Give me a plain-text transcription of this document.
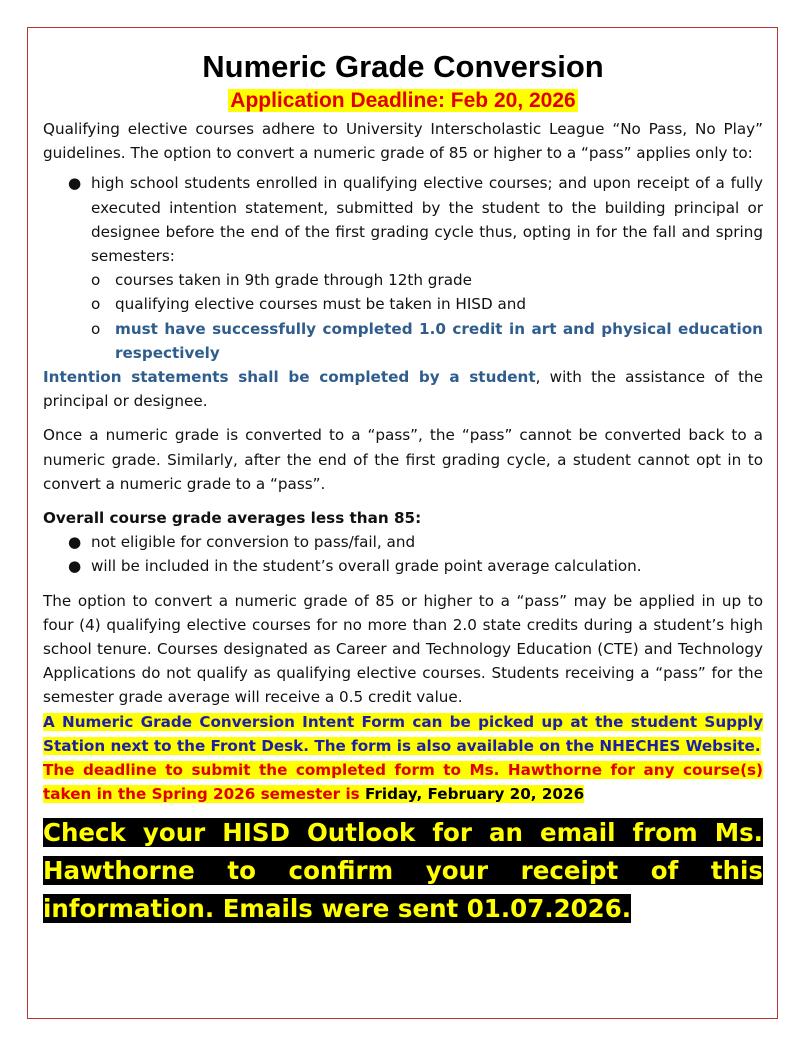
Numeric Grade Conversion
Application Deadline: Feb 20, 2026

Qualifying elective courses adhere to University Interscholastic League “No Pass, No Play” guidelines. The option to convert a numeric grade of 85 or higher to a “pass” applies only to:

● high school students enrolled in qualifying elective courses; and upon receipt of a fully executed intention statement, submitted by the student to the building principal or designee before the end of the first grading cycle thus, opting in for the fall and spring semesters:
o courses taken in 9th grade through 12th grade
o qualifying elective courses must be taken in HISD and
o must have successfully completed 1.0 credit in art and physical education respectively

Intention statements shall be completed by a student, with the assistance of the principal or designee.

Once a numeric grade is converted to a “pass”, the “pass” cannot be converted back to a numeric grade. Similarly, after the end of the first grading cycle, a student cannot opt in to convert a numeric grade to a “pass”.

Overall course grade averages less than 85:

● not eligible for conversion to pass/fail, and
● will be included in the student’s overall grade point average calculation.

The option to convert a numeric grade of 85 or higher to a “pass” may be applied in up to four (4) qualifying elective courses for no more than 2.0 state credits during a student’s high school tenure. Courses designated as Career and Technology Education (CTE) and Technology Applications do not qualify as qualifying elective courses. Students receiving a “pass” for the semester grade average will receive a 0.5 credit value.

A Numeric Grade Conversion Intent Form can be picked up at the student Supply Station next to the Front Desk. The form is also available on the NHECHES Website.

The deadline to submit the completed form to Ms. Hawthorne for any course(s) taken in the Spring 2026 semester is Friday, February 20, 2026

Check your HISD Outlook for an email from Ms. Hawthorne to confirm your receipt of this information. Emails were sent 01.07.2026.
